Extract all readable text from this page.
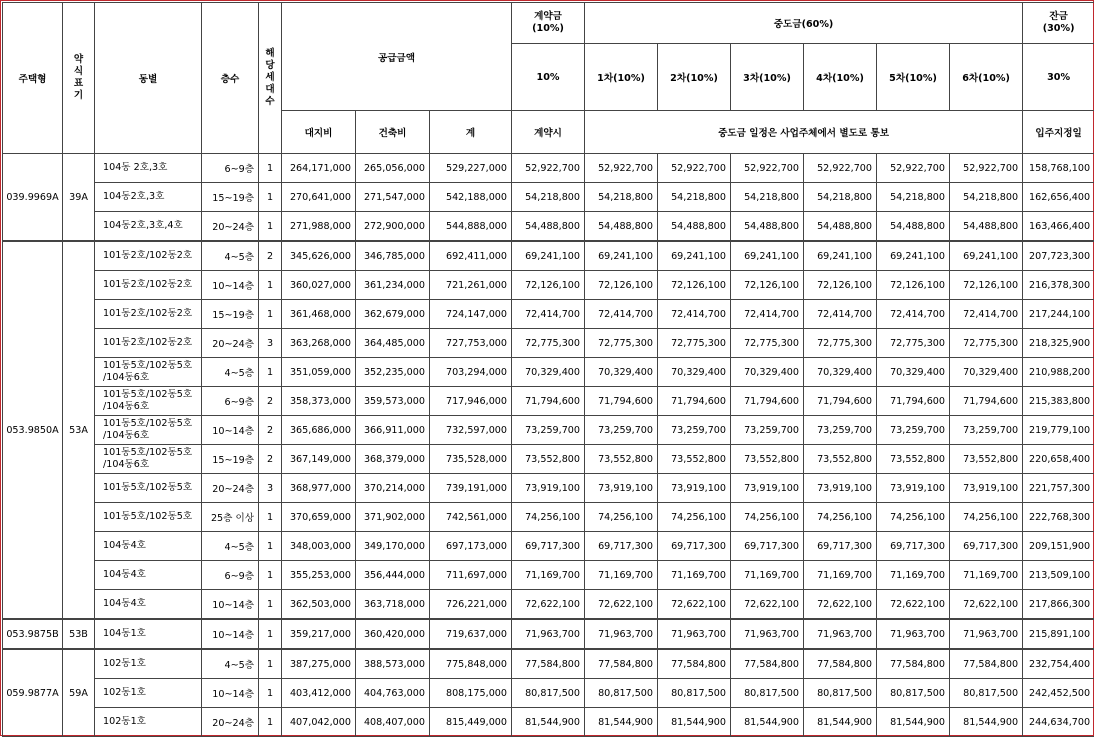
주택형	약
식
표
기	동별	층수	해
당
세
대
수	공급금액			계약금
(10%)	중도금(60%)						잔금
(30%)

								10%	1차(10%)	2차(10%)	3차(10%)	4차(10%)	5차(10%)	6차(10%)	30%
					대지비	건축비	계	계약시	중도금 일정은 사업주체에서 별도로 통보						입주지정일
039.9969A	39A	104동 2호,3호	6~9층	1	264,171,000	265,056,000	529,227,000	52,922,700	52,922,700	52,922,700	52,922,700	52,922,700	52,922,700	52,922,700	158,768,100

		104동2호,3호	15~19층	1	270,641,000	271,547,000	542,188,000	54,218,800	54,218,800	54,218,800	54,218,800	54,218,800	54,218,800	54,218,800	162,656,400

		104동2호,3호,4호	20~24층	1	271,988,000	272,900,000	544,888,000	54,488,800	54,488,800	54,488,800	54,488,800	54,488,800	54,488,800	54,488,800	163,466,400
053.9850A	53A	101동2호/102동2호	4~5층	2	345,626,000	346,785,000	692,411,000	69,241,100	69,241,100	69,241,100	69,241,100	69,241,100	69,241,100	69,241,100	207,723,300

		101동2호/102동2호	10~14층	1	360,027,000	361,234,000	721,261,000	72,126,100	72,126,100	72,126,100	72,126,100	72,126,100	72,126,100	72,126,100	216,378,300

		101동2호/102동2호	15~19층	1	361,468,000	362,679,000	724,147,000	72,414,700	72,414,700	72,414,700	72,414,700	72,414,700	72,414,700	72,414,700	217,244,100

		101동2호/102동2호	20~24층	3	363,268,000	364,485,000	727,753,000	72,775,300	72,775,300	72,775,300	72,775,300	72,775,300	72,775,300	72,775,300	218,325,900

		101동5호/102동5호
/104동6호	4~5층	1	351,059,000	352,235,000	703,294,000	70,329,400	70,329,400	70,329,400	70,329,400	70,329,400	70,329,400	70,329,400	210,988,200

		101동5호/102동5호
/104동6호	6~9층	2	358,373,000	359,573,000	717,946,000	71,794,600	71,794,600	71,794,600	71,794,600	71,794,600	71,794,600	71,794,600	215,383,800

		101동5호/102동5호
/104동6호	10~14층	2	365,686,000	366,911,000	732,597,000	73,259,700	73,259,700	73,259,700	73,259,700	73,259,700	73,259,700	73,259,700	219,779,100

		101동5호/102동5호
/104동6호	15~19층	2	367,149,000	368,379,000	735,528,000	73,552,800	73,552,800	73,552,800	73,552,800	73,552,800	73,552,800	73,552,800	220,658,400

		101동5호/102동5호	20~24층	3	368,977,000	370,214,000	739,191,000	73,919,100	73,919,100	73,919,100	73,919,100	73,919,100	73,919,100	73,919,100	221,757,300

		101동5호/102동5호	25층 이상	1	370,659,000	371,902,000	742,561,000	74,256,100	74,256,100	74,256,100	74,256,100	74,256,100	74,256,100	74,256,100	222,768,300

		104동4호	4~5층	1	348,003,000	349,170,000	697,173,000	69,717,300	69,717,300	69,717,300	69,717,300	69,717,300	69,717,300	69,717,300	209,151,900

		104동4호	6~9층	1	355,253,000	356,444,000	711,697,000	71,169,700	71,169,700	71,169,700	71,169,700	71,169,700	71,169,700	71,169,700	213,509,100

		104동4호	10~14층	1	362,503,000	363,718,000	726,221,000	72,622,100	72,622,100	72,622,100	72,622,100	72,622,100	72,622,100	72,622,100	217,866,300
053.9875B	53B	104동1호	10~14층	1	359,217,000	360,420,000	719,637,000	71,963,700	71,963,700	71,963,700	71,963,700	71,963,700	71,963,700	71,963,700	215,891,100
059.9877A	59A	102동1호	4~5층	1	387,275,000	388,573,000	775,848,000	77,584,800	77,584,800	77,584,800	77,584,800	77,584,800	77,584,800	77,584,800	232,754,400

		102동1호	10~14층	1	403,412,000	404,763,000	808,175,000	80,817,500	80,817,500	80,817,500	80,817,500	80,817,500	80,817,500	80,817,500	242,452,500

		102동1호	20~24층	1	407,042,000	408,407,000	815,449,000	81,544,900	81,544,900	81,544,900	81,544,900	81,544,900	81,544,900	81,544,900	244,634,700
